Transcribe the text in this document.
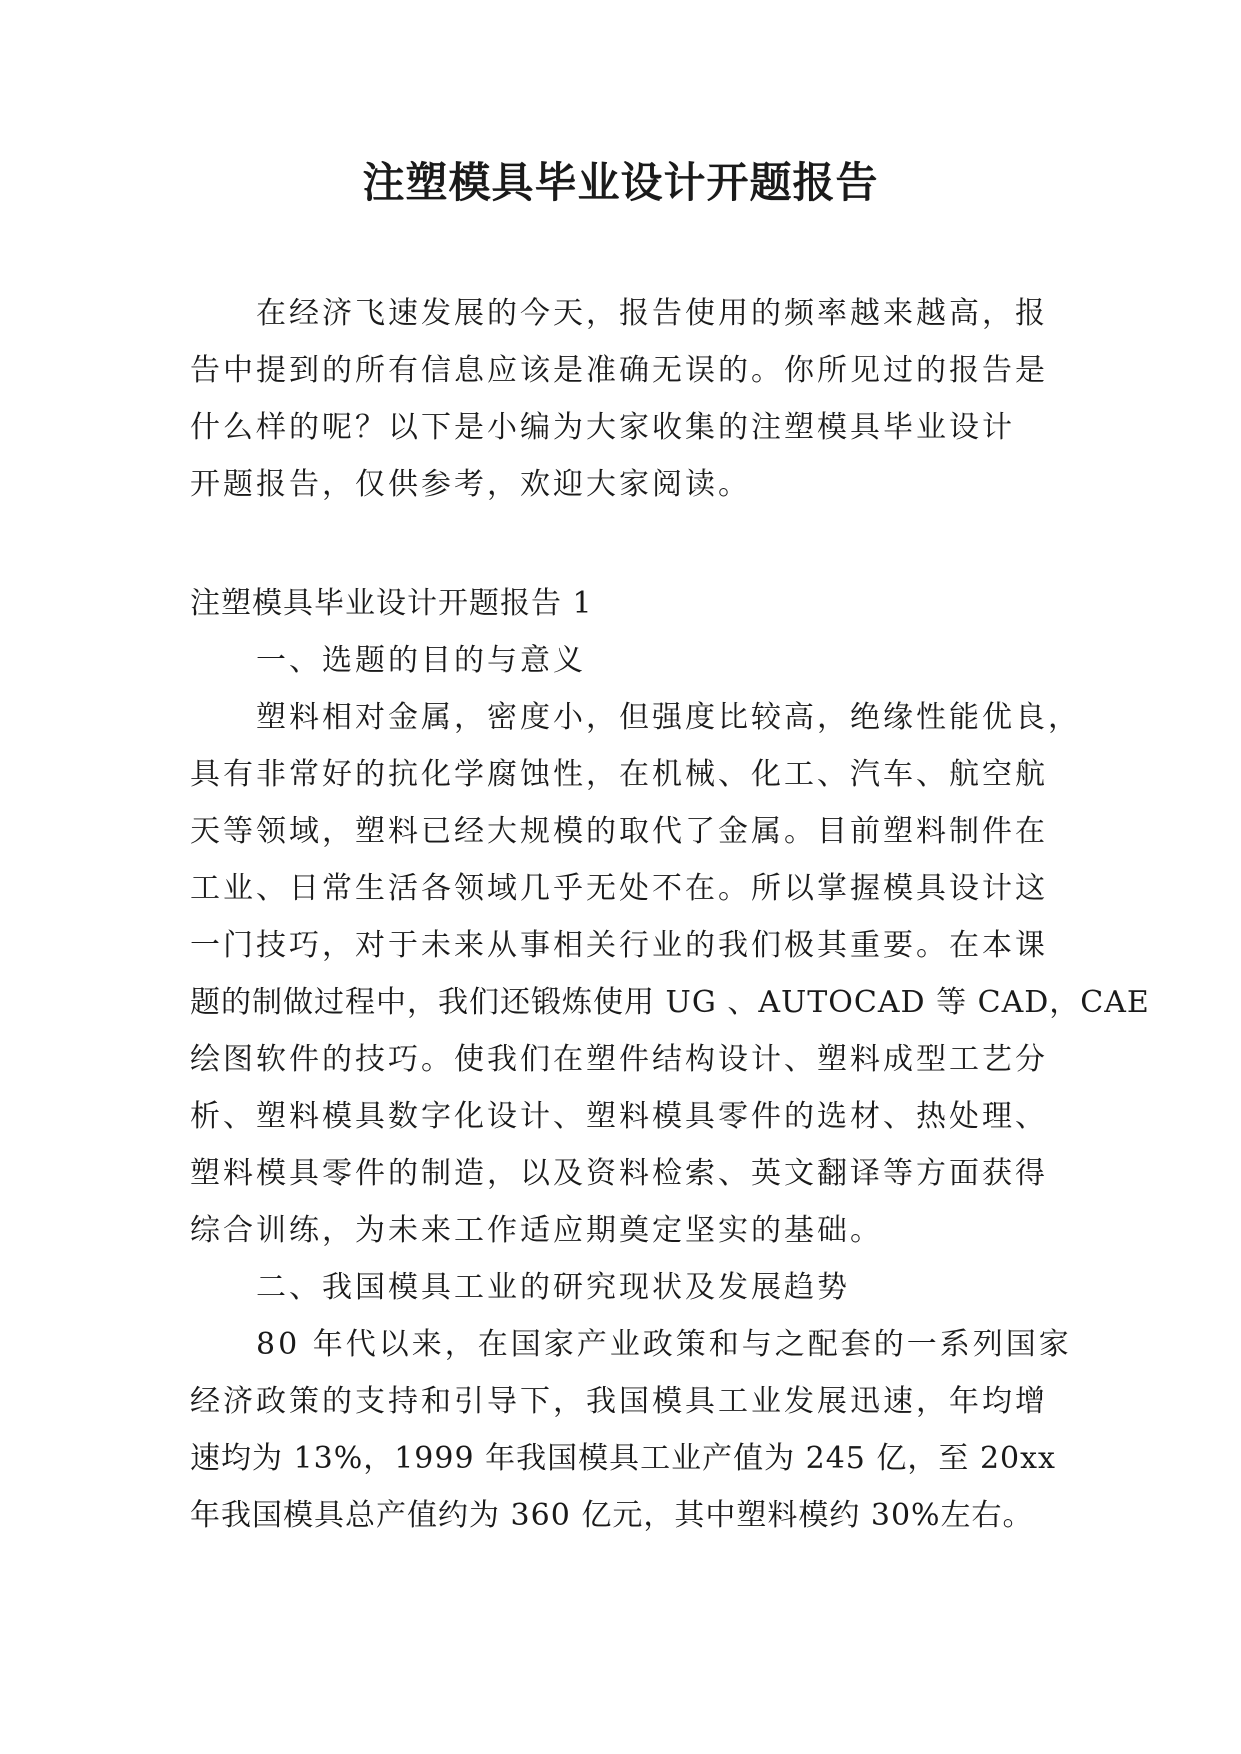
注塑模具毕业设计开题报告
在经济飞速发展的今天，报告使用的频率越来越高，报
告中提到的所有信息应该是准确无误的。你所见过的报告是
什么样的呢？以下是小编为大家收集的注塑模具毕业设计
开题报告，仅供参考，欢迎大家阅读。
注塑模具毕业设计开题报告 1
一、选题的目的与意义
塑料相对金属，密度小，但强度比较高，绝缘性能优良，
具有非常好的抗化学腐蚀性，在机械、化工、汽车、航空航
天等领域，塑料已经大规模的取代了金属。目前塑料制件在
工业、日常生活各领域几乎无处不在。所以掌握模具设计这
一门技巧，对于未来从事相关行业的我们极其重要。在本课
题的制做过程中，我们还锻炼使用 UG 、AUTOCAD 等 CAD，CAE
绘图软件的技巧。使我们在塑件结构设计、塑料成型工艺分
析、塑料模具数字化设计、塑料模具零件的选材、热处理、
塑料模具零件的制造，以及资料检索、英文翻译等方面获得
综合训练，为未来工作适应期奠定坚实的基础。
二、我国模具工业的研究现状及发展趋势
80 年代以来，在国家产业政策和与之配套的一系列国家
经济政策的支持和引导下，我国模具工业发展迅速，年均增
速均为 13%，1999 年我国模具工业产值为 245 亿，至 20xx
年我国模具总产值约为 360 亿元，其中塑料模约 30%左右。
